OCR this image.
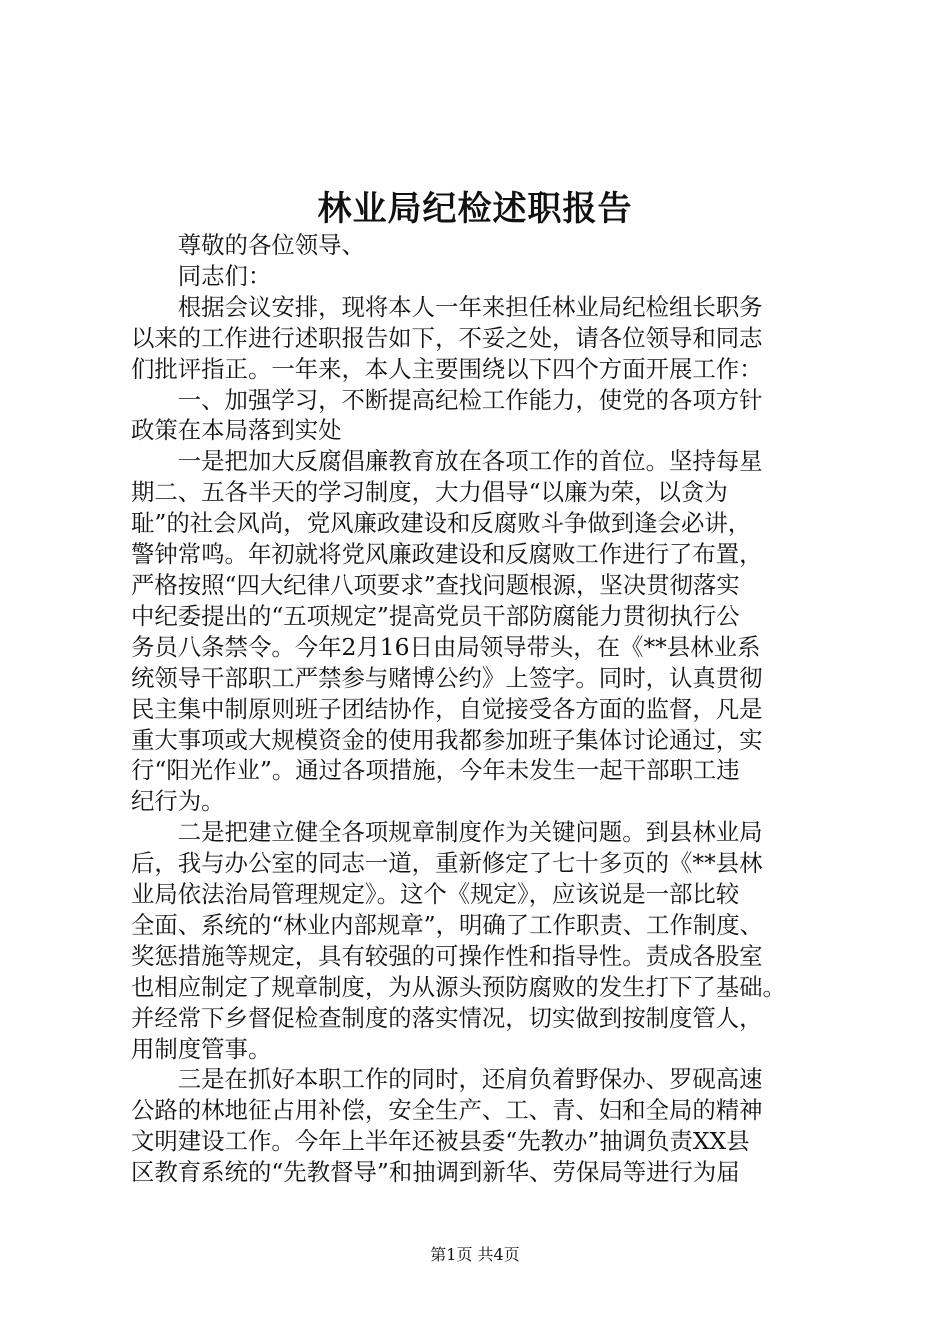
林业局纪检述职报告

　　尊敬的各位领导、

　　同志们：

　　根据会议安排，现将本人一年来担任林业局纪检组长职务

以来的工作进行述职报告如下，不妥之处，请各位领导和同志

们批评指正。一年来，本人主要围绕以下四个方面开展工作：

　　一、加强学习，不断提高纪检工作能力，使党的各项方针

政策在本局落到实处

　　一是把加大反腐倡廉教育放在各项工作的首位。坚持每星

期二、五各半天的学习制度，大力倡导“以廉为荣，以贪为

耻”的社会风尚，党风廉政建设和反腐败斗争做到逢会必讲，

警钟常鸣。年初就将党风廉政建设和反腐败工作进行了布置，

严格按照“四大纪律八项要求”查找问题根源，坚决贯彻落实

中纪委提出的“五项规定”提高党员干部防腐能力贯彻执行公

务员八条禁令。今年2月16日由局领导带头，在《**县林业系

统领导干部职工严禁参与赌博公约》上签字。同时，认真贯彻

民主集中制原则班子团结协作，自觉接受各方面的监督，凡是

重大事项或大规模资金的使用我都参加班子集体讨论通过，实

行“阳光作业”。通过各项措施，今年未发生一起干部职工违

纪行为。

　　二是把建立健全各项规章制度作为关键问题。到县林业局

后，我与办公室的同志一道，重新修定了七十多页的《**县林

业局依法治局管理规定》。这个《规定》，应该说是一部比较

全面、系统的“林业内部规章”，明确了工作职责、工作制度、

奖惩措施等规定，具有较强的可操作性和指导性。责成各股室

也相应制定了规章制度，为从源头预防腐败的发生打下了基础。

并经常下乡督促检查制度的落实情况，切实做到按制度管人，

用制度管事。

　　三是在抓好本职工作的同时，还肩负着野保办、罗砚高速

公路的林地征占用补偿，安全生产、工、青、妇和全局的精神

文明建设工作。今年上半年还被县委“先教办”抽调负责XX县

区教育系统的“先教督导”和抽调到新华、劳保局等进行为届

第1页 共4页
